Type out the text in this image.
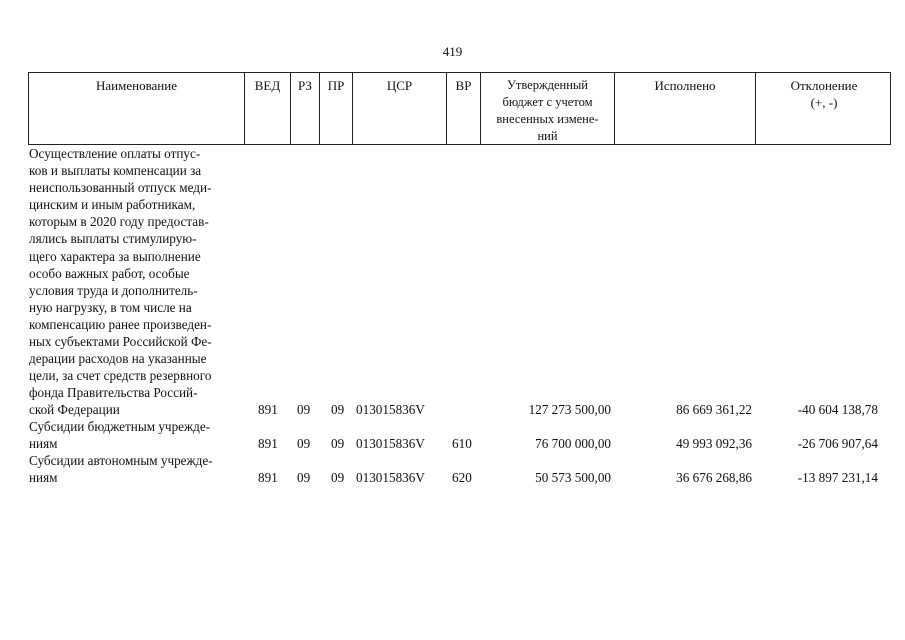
419
Наименование	ВЕД	РЗ	ПР	ЦСР	ВР	Утвержденный
бюджет с учетом
внесенных измене-
ний
Исполнено	Отклонение
(+, -)
Осуществление оплаты отпус-
ков и выплаты компенсации за
неиспользованный отпуск меди-
цинским и иным работникам,
которым в 2020 году предостав-
лялись выплаты стимулирую-
щего характера за выполнение
особо важных работ, особые
условия труда и дополнитель-
ную нагрузку, в том числе на
компенсацию ранее произведен-
ных субъектами Российской Фе-
дерации расходов на указанные
цели, за счет средств резервного
фонда Правительства Россий-
ской Федерации	891 09 09 013015836V	127 273 500,00	86 669 361,22	-40 604 138,78
Субсидии бюджетным учрежде-
ниям	891 09 09 013015836V 610	76 700 000,00	49 993 092,36	-26 706 907,64
Субсидии автономным учрежде-
ниям	891 09 09 013015836V 620	50 573 500,00	36 676 268,86	-13 897 231,14
